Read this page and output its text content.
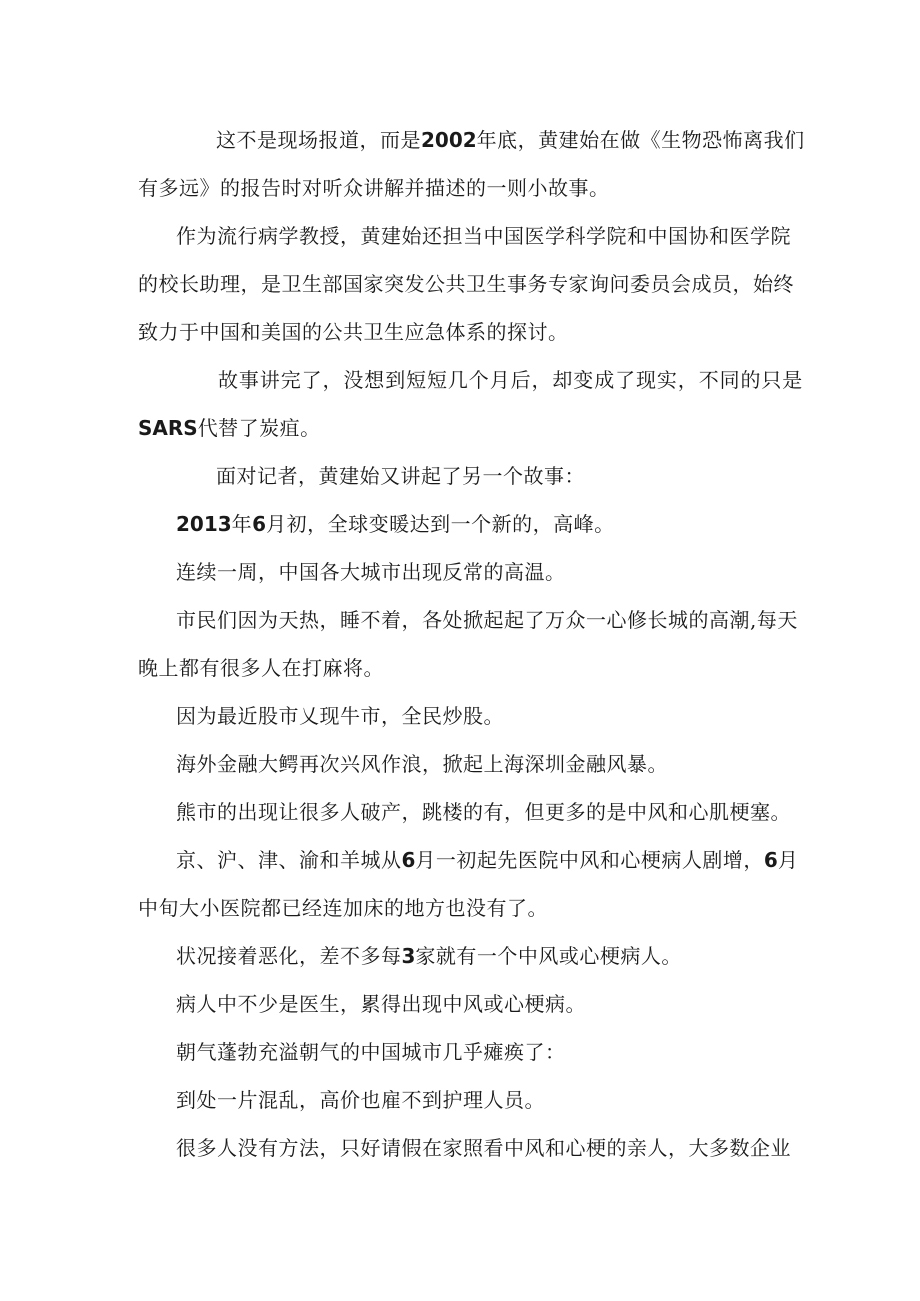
这不是现场报道，而是2002年底，黄建始在做《生物恐怖离我们

有多远》的报告时对听众讲解并描述的一则小故事。

作为流行病学教授，黄建始还担当中国医学科学院和中国协和医学院

的校长助理，是卫生部国家突发公共卫生事务专家询问委员会成员，始终

致力于中国和美国的公共卫生应急体系的探讨。

故事讲完了，没想到短短几个月后，却变成了现实，不同的只是

SARS代替了炭疽。

面对记者，黄建始又讲起了另一个故事：

2013年6月初，全球变暖达到一个新的，高峰。

连续一周，中国各大城市出现反常的高温。

市民们因为天热，睡不着，各处掀起起了万众一心修长城的高潮,每天

晚上都有很多人在打麻将。

因为最近股市乂现牛市，全民炒股。

海外金融大鳄再次兴风作浪，掀起上海深圳金融风暴。

熊市的出现让很多人破产，跳楼的有，但更多的是中风和心肌梗塞。

京、沪、津、渝和羊城从6月一初起先医院中风和心梗病人剧增，6月

中旬大小医院都已经连加床的地方也没有了。

状况接着恶化，差不多每3家就有一个中风或心梗病人。

病人中不少是医生，累得出现中风或心梗病。

朝气蓬勃充溢朝气的中国城市几乎瘫痪了：

到处一片混乱，高价也雇不到护理人员。

很多人没有方法，只好请假在家照看中风和心梗的亲人，大多数企业
